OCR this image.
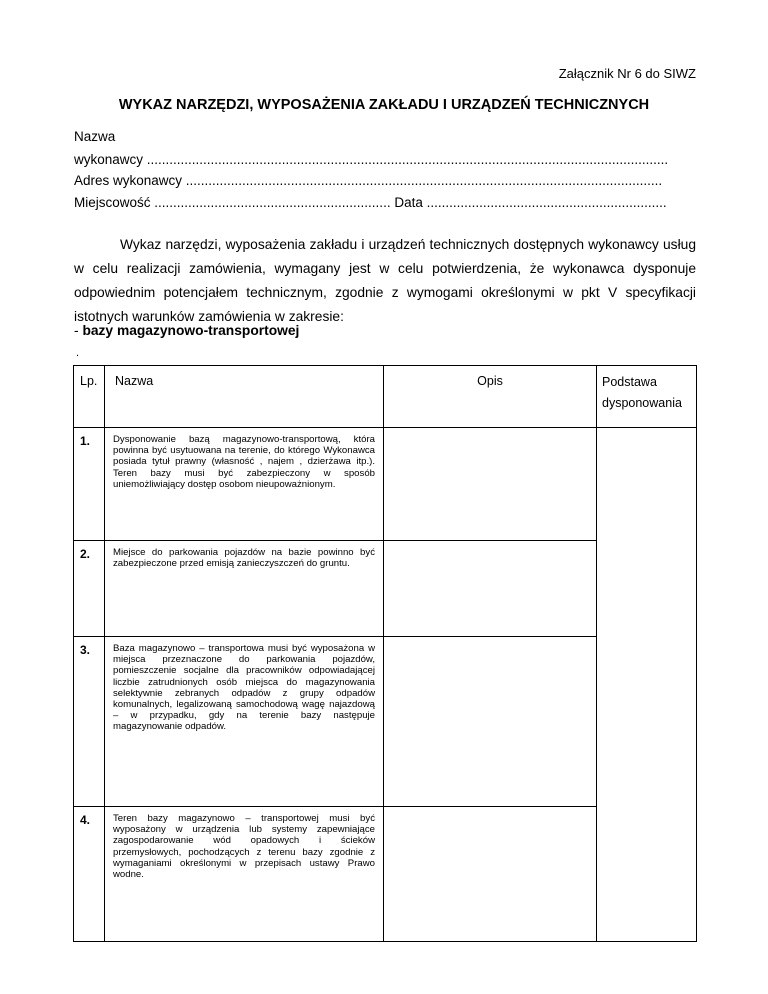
Załącznik Nr 6 do SIWZ
WYKAZ NARZĘDZI, WYPOSAŻENIA ZAKŁADU I URZĄDZEŃ TECHNICZNYCH
Nazwa
wykonawcy ...........................................................................................................................................
Adres wykonawcy ...............................................................................................................................
Miejscowość ............................................................... Data ................................................................

Wykaz narzędzi, wyposażenia zakładu i urządzeń technicznych dostępnych wykonawcy usług w celu realizacji zamówienia, wymagany jest w celu potwierdzenia, że wykonawca dysponuje odpowiednim potencjałem technicznym, zgodnie z wymogami określonymi w pkt V specyfikacji istotnych warunków zamówienia w zakresie:

- bazy magazynowo-transportowej
.
Lp.	Nazwa	Opis	Podstawa dysponowania
1.	Dysponowanie bazą magazynowo-transportową, która powinna być usytuowana na terenie, do którego Wykonawca posiada tytuł prawny (własność , najem , dzierżawa itp.). Teren bazy musi być zabezpieczony w sposób uniemożliwiający dostęp osobom nieupoważnionym.		
2.	Miejsce do parkowania pojazdów na bazie powinno być zabezpieczone przed emisją zanieczyszczeń do gruntu.		
3.	Baza magazynowo – transportowa musi być wyposażona w miejsca przeznaczone do parkowania pojazdów, pomieszczenie socjalne dla pracowników odpowiadającej liczbie zatrudnionych osób miejsca do magazynowania selektywnie zebranych odpadów z grupy odpadów komunalnych, legalizowaną samochodową wagę najazdową – w przypadku, gdy na terenie bazy następuje magazynowanie odpadów.		
4.	Teren bazy magazynowo – transportowej musi być wyposażony w urządzenia lub systemy zapewniające zagospodarowanie wód opadowych i ścieków przemysłowych, pochodzących z terenu bazy zgodnie z wymaganiami określonymi w przepisach ustawy Prawo wodne.		
